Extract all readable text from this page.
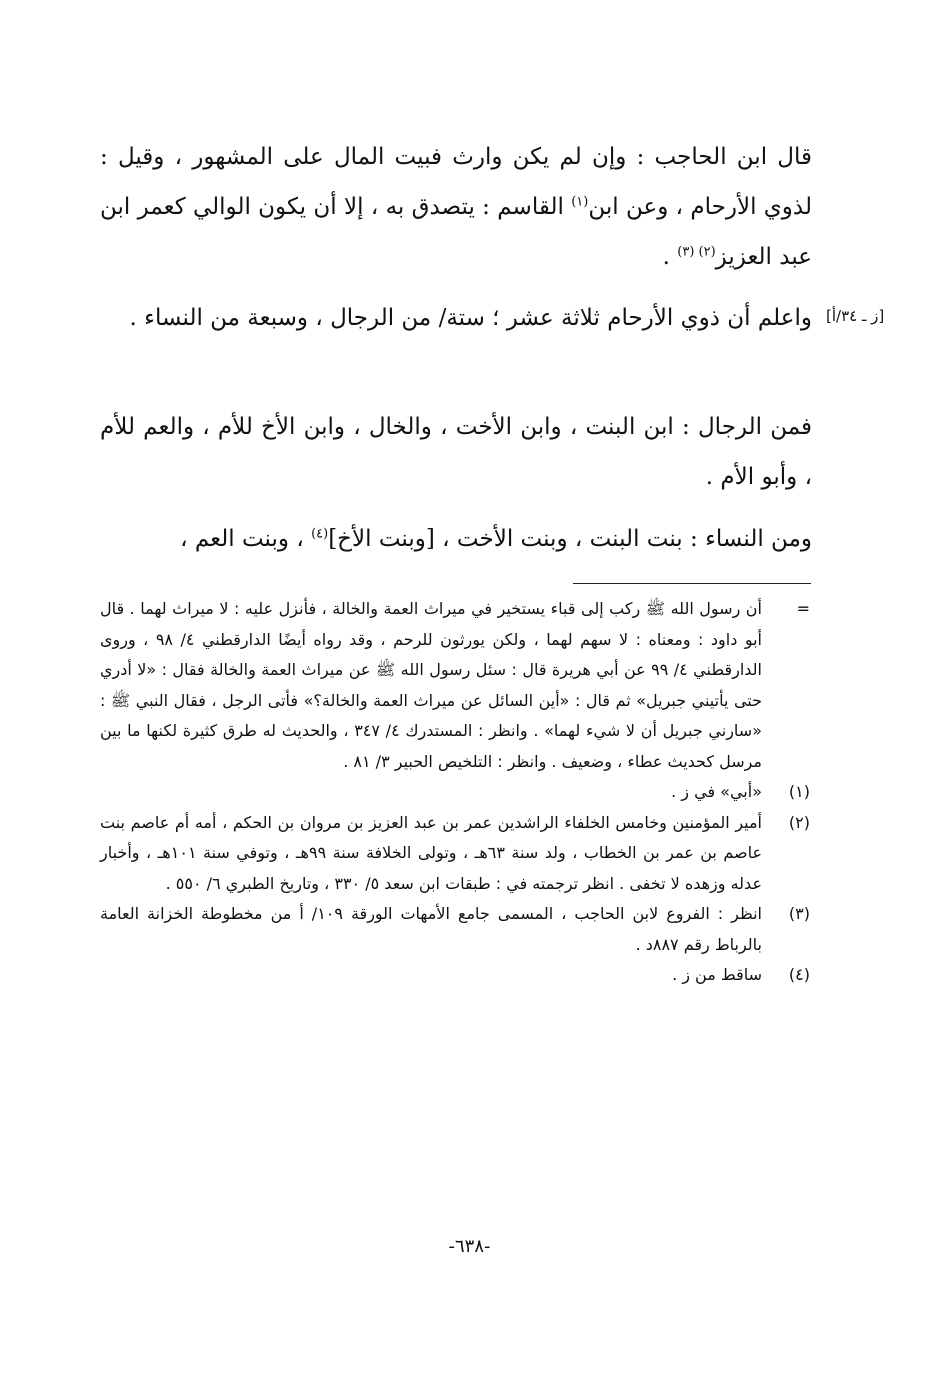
[ز ـ ٣٤/أ]

قال ابن الحاجب : وإن لم يكن وارث فبيت المال على المشهور ، وقيل : لذوي الأرحام ، وعن ابن$^{(١)}$ القاسم : يتصدق به ، إلا أن يكون الوالي كعمر ابن عبد العزيز$^{(٢) (٣)}$ .

واعلم أن ذوي الأرحام ثلاثة عشر ؛ ستة/ من الرجال ، وسبعة من النساء .

فمن الرجال : ابن البنت ، وابن الأخت ، والخال ، وابن الأخ للأم ، والعم للأم ، وأبو الأم .

ومن النساء : بنت البنت ، وبنت الأخت ، [وبنت الأخ]$^{(٤)}$ ، وبنت العم ،

=
أن رسول الله ﷺ ركب إلى قباء يستخير في ميراث العمة والخالة ، فأنزل عليه : لا ميراث لهما . قال أبو داود : ومعناه : لا سهم لهما ، ولكن يورثون للرحم ، وقد رواه أيضًا الدارقطني ٤/ ٩٨ ، وروى الدارقطني ٤/ ٩٩ عن أبي هريرة قال : سئل رسول الله ﷺ عن ميراث العمة والخالة فقال : «لا أدري حتى يأتيني جبريل» ثم قال : «أين السائل عن ميراث العمة والخالة؟» فأتى الرجل ، فقال النبي ﷺ : «سارني جبريل أن لا شيء لهما» . وانظر : المستدرك ٤/ ٣٤٧ ، والحديث له طرق كثيرة لكنها ما بين مرسل كحديث عطاء ، وضعيف . وانظر : التلخيص الحبير ٣/ ٨١ .
(١)
«أبي» في ز .
(٢)
أمير المؤمنين وخامس الخلفاء الراشدين عمر بن عبد العزيز بن مروان بن الحكم ، أمه أم عاصم بنت عاصم بن عمر بن الخطاب ، ولد سنة ٦٣هـ ، وتولى الخلافة سنة ٩٩هـ ، وتوفي سنة ١٠١هـ ، وأخبار عدله وزهده لا تخفى . انظر ترجمته في : طبقات ابن سعد ٥/ ٣٣٠ ، وتاريخ الطبري ٦/ ٥٥٠ .
(٣)
انظر : الفروع لابن الحاجب ، المسمى جامع الأمهات الورقة ١٠٩/ أ من مخطوطة الخزانة العامة بالرباط رقم ٨٨٧د .
(٤)
ساقط من ز .
-٦٣٨-
